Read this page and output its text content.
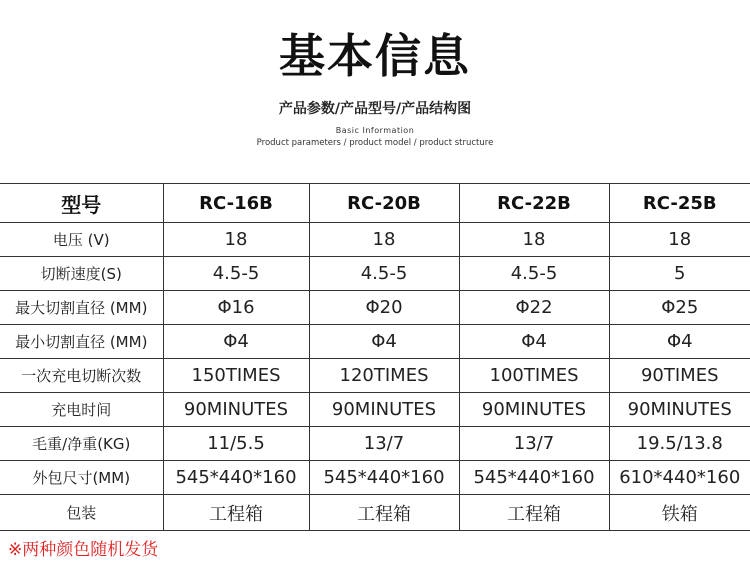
基本信息
产品参数/产品型号/产品结构图
Basic Information
Product parameters / product model / product structure
型号	RC-16B	RC-20B	RC-22B	RC-25B
电压 (V)	18	18	18	18
切断速度(S)	4.5-5	4.5-5	4.5-5	5
最大切割直径 (MM)	Φ16	Φ20	Φ22	Φ25
最小切割直径 (MM)	Φ4	Φ4	Φ4	Φ4
一次充电切断次数	150TIMES	120TIMES	100TIMES	90TIMES
充电时间	90MINUTES	90MINUTES	90MINUTES	90MINUTES
毛重/净重(KG)	11/5.5	13/7	13/7	19.5/13.8
外包尺寸(MM)	545*440*160	545*440*160	545*440*160	610*440*160
包装	工程箱	工程箱	工程箱	铁箱
※两种颜色随机发货
